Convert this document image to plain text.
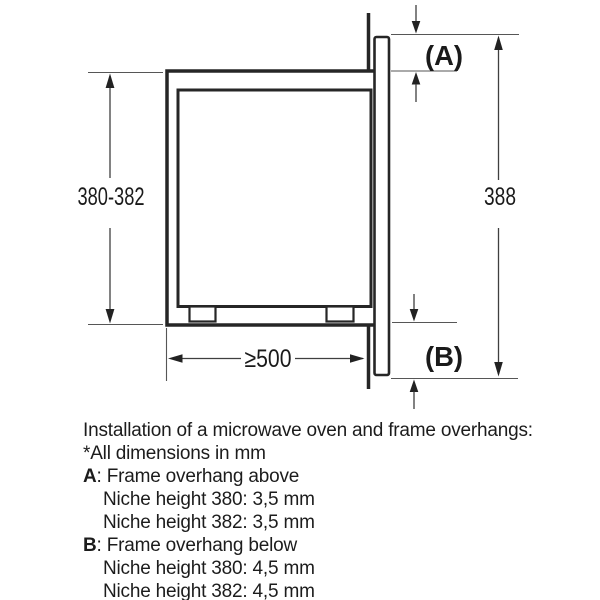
380-382
(A)
388
(B)
≥500
Installation of a microwave oven and frame overhangs:
*All dimensions in mm
A: Frame overhang above
Niche height 380: 3,5 mm
Niche height 382: 3,5 mm
B: Frame overhang below
Niche height 380: 4,5 mm
Niche height 382: 4,5 mm
